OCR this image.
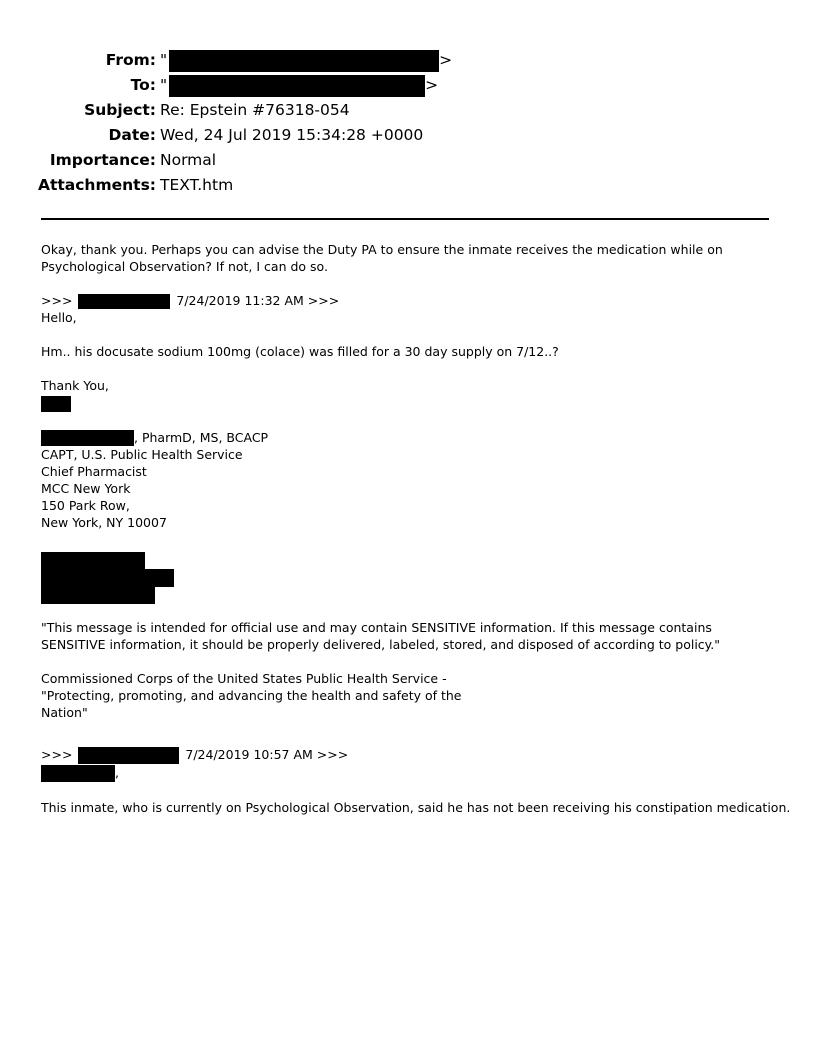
From: "	>
To: "	>
Subject: Re: Epstein #76318-054
Date: Wed, 24 Jul 2019 15:34:28 +0000
Importance: Normal
Attachments: TEXT.htm
Okay, thank you. Perhaps you can advise the Duty PA to ensure the inmate receives the medication while on Psychological Observation? If not, I can do so.
>>>	7/24/2019 11:32 AM >>>
Hello,
Hm.. his docusate sodium 100mg (colace) was filled for a 30 day supply on 7/12..?
Thank You,
, PharmD, MS, BCACP
CAPT, U.S. Public Health Service
Chief Pharmacist
MCC New York
150 Park Row,
New York, NY 10007
"This message is intended for official use and may contain SENSITIVE information. If this message contains SENSITIVE information, it should be properly delivered, labeled, stored, and disposed of according to policy."
Commissioned Corps of the United States Public Health Service -
"Protecting, promoting, and advancing the health and safety of the
Nation"
>>>	7/24/2019 10:57 AM >>>
,
This inmate, who is currently on Psychological Observation, said he has not been receiving his constipation medication.
